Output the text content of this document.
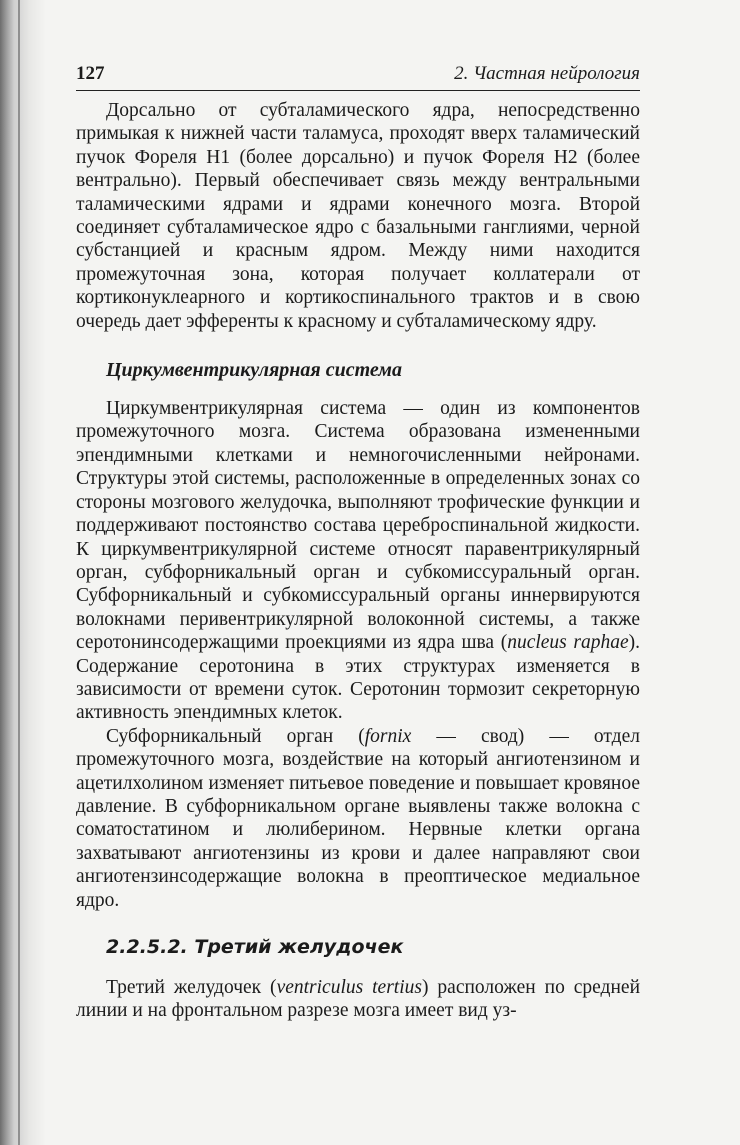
127	2. Частная нейрология

Дорсально от субталамического ядра, непосредственно примыкая к нижней части таламуса, проходят вверх таламический пучок Фореля H1 (более дорсально) и пучок Фореля H2 (более вентрально). Первый обеспечивает связь между вентральными таламическими ядрами и ядрами конечного мозга. Второй соединяет субталамическое ядро с базальными ганглиями, черной субстанцией и красным ядром. Между ними находится промежуточная зона, которая получает коллатерали от кортиконуклеарного и кортикоспинального трактов и в свою очередь дает эфференты к красному и субталамическому ядру.

Циркумвентрикулярная система

Циркумвентрикулярная система — один из компонентов промежуточного мозга. Система образована измененными эпендимными клетками и немногочисленными нейронами. Структуры этой системы, расположенные в определенных зонах со стороны мозгового желудочка, выполняют трофические функции и поддерживают постоянство состава цереброспинальной жидкости. К циркумвентрикулярной системе относят паравентрикулярный орган, субфорникальный орган и субкомиссуральный орган. Субфорникальный и субкомиссуральный органы иннервируются волокнами перивентрикулярной волоконной системы, а также серотонинсодержащими проекциями из ядра шва (nucleus raphae). Содержание серотонина в этих структурах изменяется в зависимости от времени суток. Серотонин тормозит секреторную активность эпендимных клеток.

Субфорникальный орган (fornix — свод) — отдел промежуточного мозга, воздействие на который ангиотензином и ацетилхолином изменяет питьевое поведение и повышает кровяное давление. В субфорникальном органе выявлены также волокна с соматостатином и люлиберином. Нервные клетки органа захватывают ангиотензины из крови и далее направляют свои ангиотензинсодержащие волокна в преоптическое медиальное ядро.

2.2.5.2. Третий желудочек

Третий желудочек (ventriculus tertius) расположен по средней линии и на фронтальном разрезе мозга имеет вид уз-
